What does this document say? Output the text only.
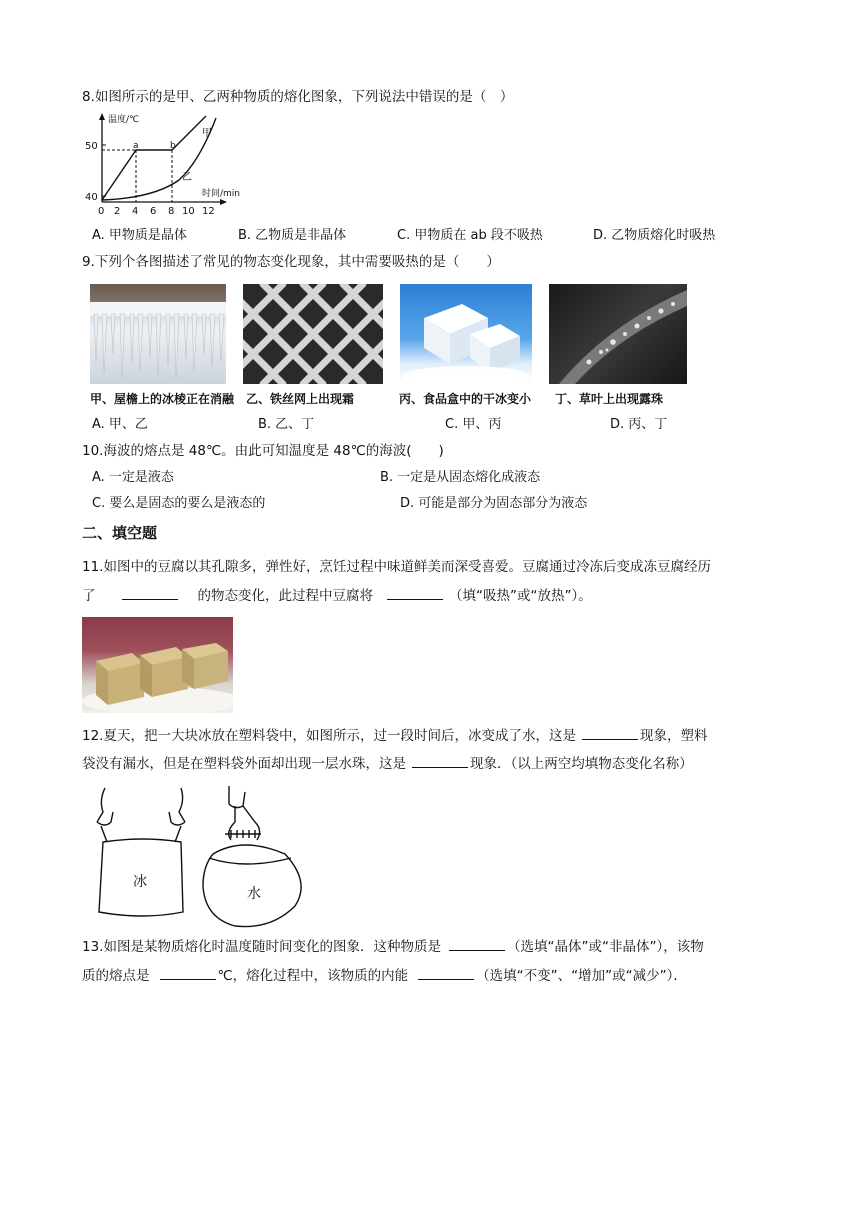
8.如图所示的是甲、乙两种物质的熔化图象，下列说法中错误的是（　）
温度/℃
时间/min
50
40
0 2 4 6 8 10 12
甲
乙
a	b
A. 甲物质是晶体	B. 乙物质是非晶体	C. 甲物质在 ab 段不吸热	D. 乙物质熔化时吸热
9.下列个各图描述了常见的物态变化现象，其中需要吸热的是（　　）
甲、屋檐上的冰棱正在消融 乙、铁丝网上出现霜	丙、食品盒中的干冰变小 丁、草叶上出现露珠
A. 甲、乙	B. 乙、丁	C. 甲、丙	D. 丙、丁
10.海波的熔点是 48℃。由此可知温度是 48℃的海波(　　)
A. 一定是液态	B. 一定是从固态熔化成液态
C. 要么是固态的要么是液态的	D. 可能是部分为固态部分为液态
二、填空题
11.如图中的豆腐以其孔隙多，弹性好，烹饪过程中味道鲜美而深受喜爱。豆腐通过冷冻后变成冻豆腐经历
了	的物态变化，此过程中豆腐将	（填“吸热”或“放热”）。
12.夏天，把一大块冰放在塑料袋中，如图所示，过一段时间后，冰变成了水，这是	现象，塑料
袋没有漏水，但是在塑料袋外面却出现一层水珠，这是	现象．（以上两空均填物态变化名称）
冰
水
13.如图是某物质熔化时温度随时间变化的图象．这种物质是	（选填“晶体”或“非晶体”），该物
质的熔点是	℃，熔化过程中，该物质的内能	（选填“不变”、“增加”或“减少”）．
